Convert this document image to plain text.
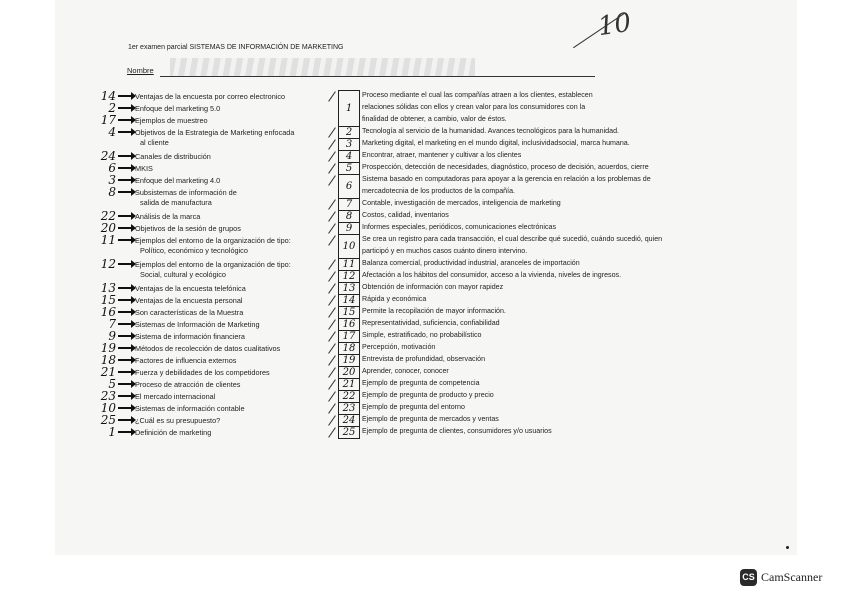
1er examen parcial SISTEMAS DE INFORMACIÓN DE MARKETING
Nombre
10
14	Ventajas de la encuesta por correo electronico
2	Enfoque del marketing 5.0
17	Ejemplos de muestreo
4	Objetivos de la Estrategia de Marketing enfocada
al cliente
24	Canales de distribución
6	MKIS
3	Enfoque del marketing 4.0
8	Subsistemas de información de
salida de manufactura
22	Análisis de la marca
20	Objetivos de la sesión de grupos
11	Ejemplos del entorno de la organización de tipo:
Político, económico y tecnológico
12	Ejemplos del entorno de la organización de tipo:
Social, cultural y ecológico
13	Ventajas de la encuesta telefónica
15	Ventajas de la encuesta personal
16	Son características de la Muestra
7	Sistemas de Información de Marketing
9	Sistema de información financiera
19	Métodos de recolección de datos cualitativos
18	Factores de influencia externos
21	Fuerza y debilidades de los competidores
5	Proceso de atracción de clientes
23	El mercado internacional
10	Sistemas de información contable
25	¿Cuál es su presupuesto?
1	Definición de marketing
1
Proceso mediante el cual las compañías atraen a los clientes, establecen
relaciones sólidas con ellos y crean valor para los consumidores con la
finalidad de obtener, a cambio, valor de éstos.
2	Tecnología al servicio de la humanidad. Avances tecnológicos para la humanidad.
3	Marketing digital, el marketing en el mundo digital, inclusividadsocial, marca humana.
4	Encontrar, atraer, mantener y cultivar a los clientes
5	Prospección, detección de necesidades, diagnóstico, proceso de decisión, acuerdos, cierre
6
Sistema basado en computadoras para apoyar a la gerencia en relación a los problemas de
mercadotecnia de los productos de la compañía.
7	Contable, investigación de mercados, inteligencia de marketing
8	Costos, calidad, inventarios
9	Informes especiales, periódicos, comunicaciones electrónicas
10
Se crea un registro para cada transacción, el cual describe qué sucedió, cuándo sucedió, quien
participó y en muchos casos cuánto dinero intervino.
11 Balanza comercial, productividad industrial, aranceles de importación
12 Afectación a los hábitos del consumidor, acceso a la vivienda, niveles de ingresos.
13 Obtención de información con mayor rapidez
14 Rápida y económica
15 Permite la recopilación de mayor información.
16 Representatividad, suficiencia, confiabilidad
17 Simple, estratificado, no probabilístico
18 Percepción, motivación
19 Entrevista de profundidad, observación
20 Aprender, conocer, conocer
21 Ejemplo de pregunta de competencia
22 Ejemplo de pregunta de producto y precio
23 Ejemplo de pregunta del entorno
24 Ejemplo de pregunta de mercados y ventas
25 Ejemplo de pregunta de clientes, consumidores y/o usuarios
CS CamScanner
